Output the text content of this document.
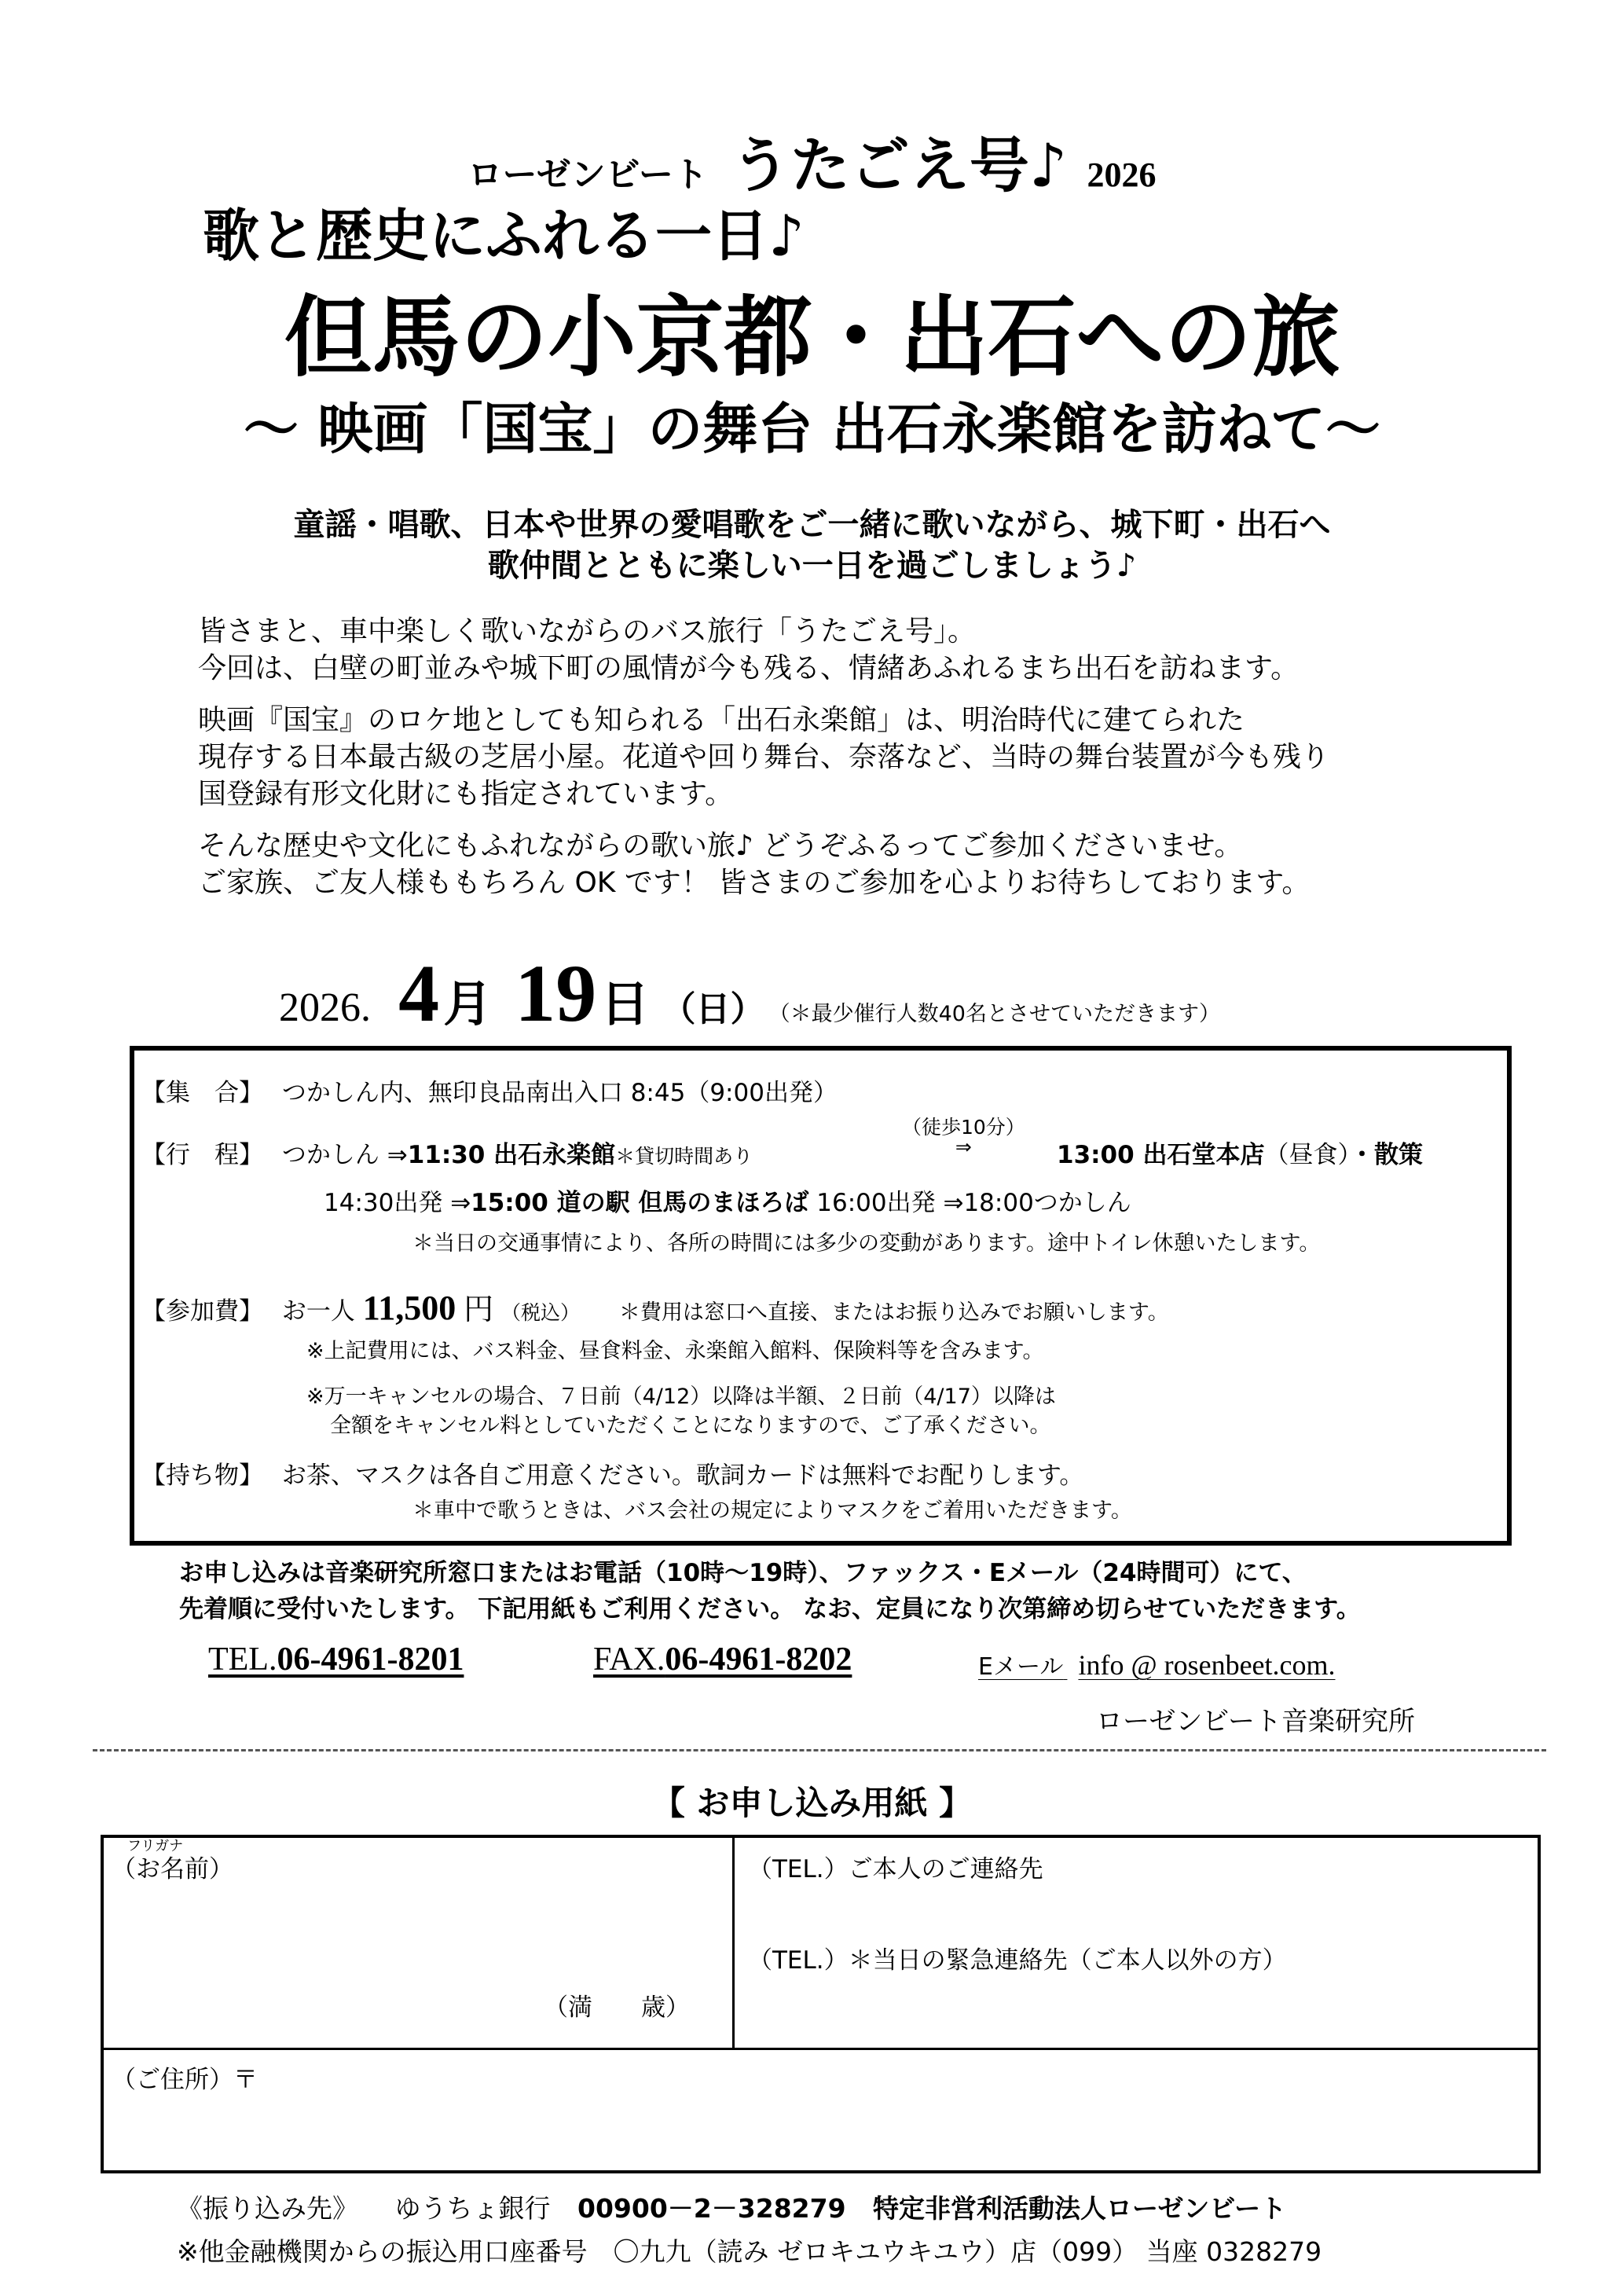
ローゼンビート うたごえ号♪ 2026
歌と歴史にふれる一日♪
但馬の小京都・出石への旅
～ 映画「国宝」の舞台 出石永楽館を訪ねて～
童謡・唱歌、日本や世界の愛唱歌をご一緒に歌いながら、城下町・出石へ
歌仲間とともに楽しい一日を過ごしましょう♪
皆さまと、車中楽しく歌いながらのバス旅行「うたごえ号」。
今回は、白壁の町並みや城下町の風情が今も残る、情緒あふれるまち出石を訪ねます。
映画『国宝』のロケ地としても知られる「出石永楽館」は、明治時代に建てられた
現存する日本最古級の芝居小屋。花道や回り舞台、奈落など、当時の舞台装置が今も残り
国登録有形文化財にも指定されています。
そんな歴史や文化にもふれながらの歌い旅♪ どうぞふるってご参加くださいませ。
ご家族、ご友人様ももちろん OK です！ 皆さまのご参加を心よりお待ちしております。
2026. 4 月 19 日 （日） （＊最少催行人数40名とさせていただきます）
【集　合】 つかしん内、無印良品南出入口 8:45（9:00出発）
【行　程】 つかしん ⇒11:30 出石永楽館＊貸切時間あり
（徒歩10分）
⇒	13:00 出石堂本店（昼食）・散策
14:30出発 ⇒15:00 道の駅 但馬のまほろば 16:00出発 ⇒18:00つかしん
＊当日の交通事情により、各所の時間には多少の変動があります。途中トイレ休憩いたします。
【参加費】 お一人 11,500 円 （税込） ＊費用は窓口へ直接、またはお振り込みでお願いします。
※上記費用には、バス料金、昼食料金、永楽館入館料、保険料等を含みます。
※万一キャンセルの場合、７日前（4/12）以降は半額、２日前（4/17）以降は
全額をキャンセル料としていただくことになりますので、ご了承ください。
【持ち物】 お茶、マスクは各自ご用意ください。歌詞カードは無料でお配りします。
＊車中で歌うときは、バス会社の規定によりマスクをご着用いただきます。
お申し込みは音楽研究所窓口またはお電話（10時～19時）、ファックス・Eメール（24時間可）にて、
先着順に受付いたします。 下記用紙もご利用ください。 なお、定員になり次第締め切らせていただきます。
TEL.06-4961-8201	FAX.06-4961-8202	Eメール info @ rosenbeet.com.
ローゼンビート音楽研究所
【 お申し込み用紙 】
フリガナ
（お名前）
（満　　歳）
（TEL.）ご本人のご連絡先
（TEL.）＊当日の緊急連絡先（ご本人以外の方）
（ご住所）〒
《振り込み先》 ゆうちょ銀行 00900－2－328279 特定非営利活動法人ローゼンビート
※他金融機関からの振込用口座番号　〇九九（読み ゼロキユウキユウ）店（099） 当座 0328279
